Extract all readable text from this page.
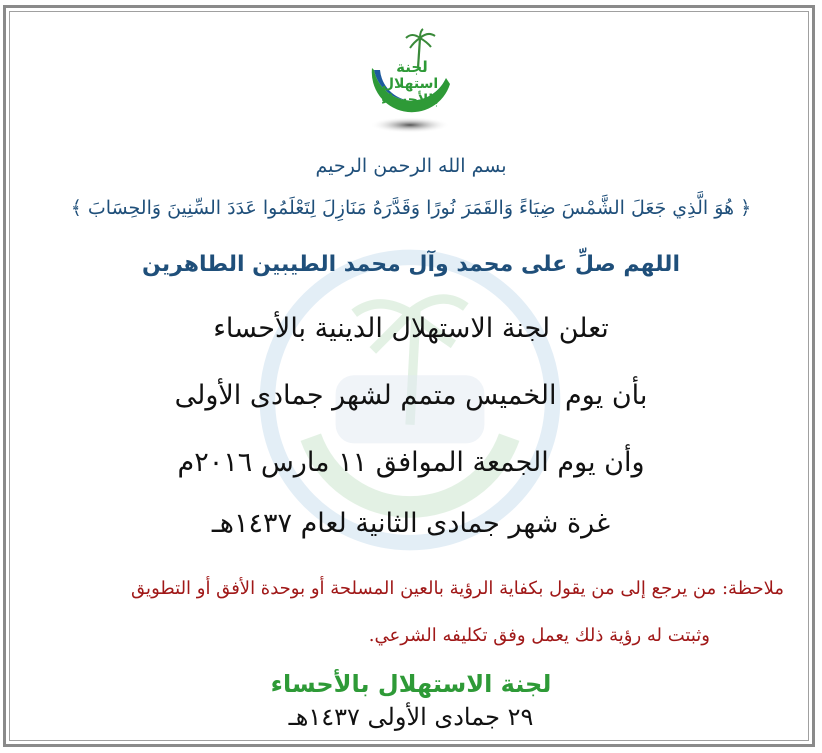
لجنة
استهلال
بالأحساء
بسم الله الرحمن الرحيم
﴿ هُوَ الَّذِي جَعَلَ الشَّمْسَ ضِيَاءً وَالقَمَرَ نُورًا وَقَدَّرَهُ مَنَازِلَ لِتَعْلَمُوا عَدَدَ السِّنِينَ وَالحِسَابَ ﴾
اللهم صلِّ على محمد وآل محمد الطيبين الطاهرين
تعلن لجنة الاستهلال الدينية بالأحساء
بأن يوم الخميس متمم لشهر جمادى الأولى
وأن يوم الجمعة الموافق ١١ مارس ٢٠١٦م
غرة شهر جمادى الثانية لعام ١٤٣٧هـ
ملاحظة: من يرجع إلى من يقول بكفاية الرؤية بالعين المسلحة أو بوحدة الأفق أو التطويق
وثبتت له رؤية ذلك يعمل وفق تكليفه الشرعي.
لجنة الاستهلال بالأحساء
٢٩ جمادى الأولى ١٤٣٧هـ
